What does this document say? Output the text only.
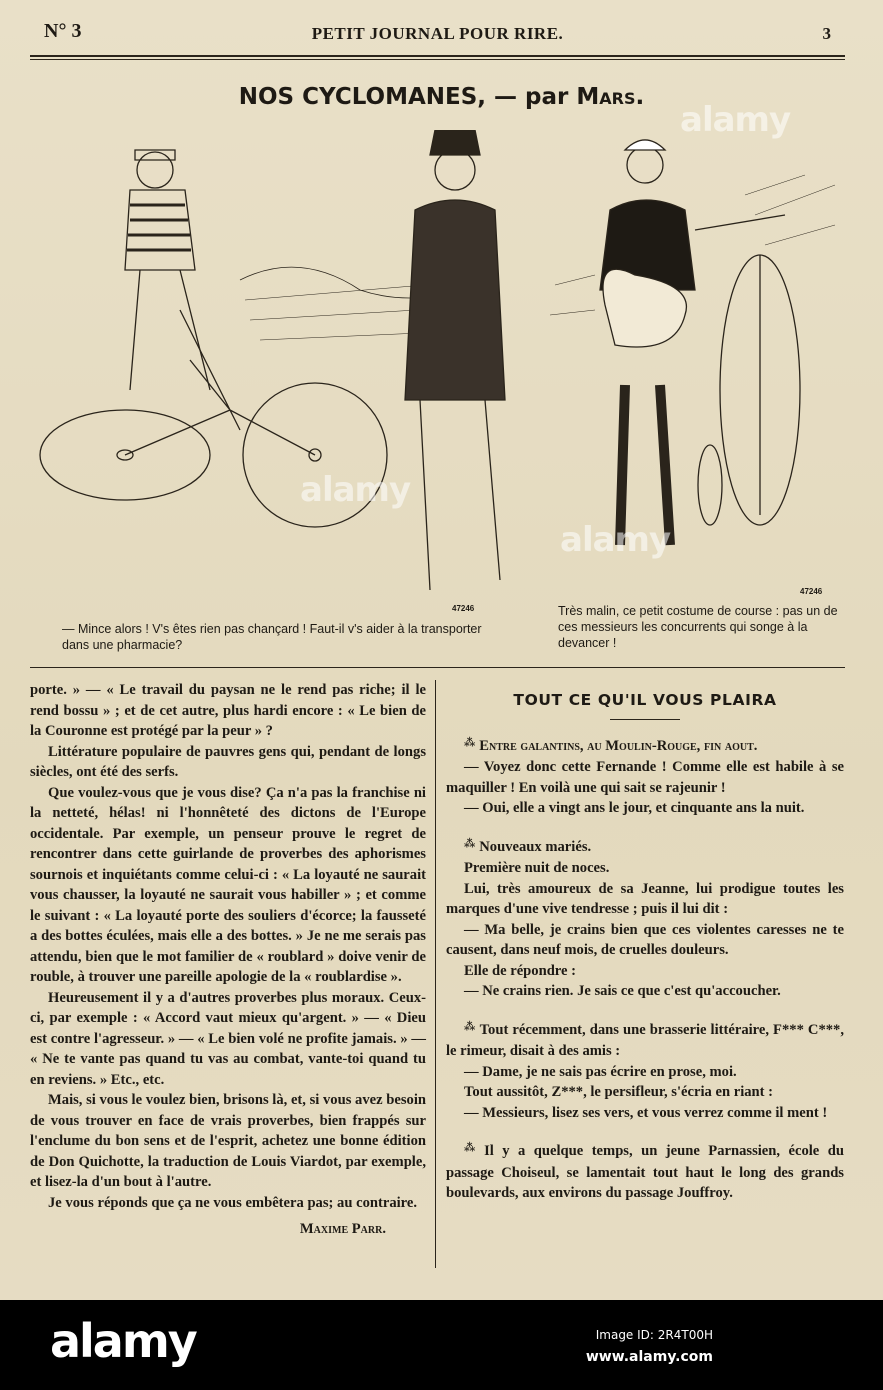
N° 3	PETIT JOURNAL POUR RIRE.	3
NOS CYCLOMANES, — par Mars.
alamy
alamy
alamy
47246
— Mince alors ! V's êtes rien pas chançard ! Faut-il v's aider à la transporter dans une pharmacie?
47246
Très malin, ce petit costume de course : pas un de ces messieurs les concurrents qui songe à la devancer !

porte. » — « Le travail du paysan ne le rend pas riche; il le rend bossu » ; et de cet autre, plus hardi encore : « Le bien de la Couronne est protégé par la peur » ?

Littérature populaire de pauvres gens qui, pendant de longs siècles, ont été des serfs.

Que voulez-vous que je vous dise? Ça n'a pas la franchise ni la netteté, hélas! ni l'honnêteté des dictons de l'Europe occidentale. Par exemple, un penseur prouve le regret de rencontrer dans cette guirlande de proverbes des aphorismes sournois et inquiétants comme celui-ci : « La loyauté ne saurait vous chausser, la loyauté ne saurait vous habiller » ; et comme le suivant : « La loyauté porte des souliers d'écorce; la fausseté a des bottes éculées, mais elle a des bottes. » Je ne me serais pas attendu, bien que le mot familier de « roublard » doive venir de rouble, à trouver une pareille apologie de la « roublardise ».

Heureusement il y a d'autres proverbes plus moraux. Ceux-ci, par exemple : « Accord vaut mieux qu'argent. » — « Dieu est contre l'agresseur. » — « Le bien volé ne profite jamais. » — « Ne te vante pas quand tu vas au combat, vante-toi quand tu en reviens. » Etc., etc.

Mais, si vous le voulez bien, brisons là, et, si vous avez besoin de vous trouver en face de vrais proverbes, bien frappés sur l'enclume du bon sens et de l'esprit, achetez une bonne édition de Don Quichotte, la traduction de Louis Viardot, par exemple, et lisez-la d'un bout à l'autre.

Je vous réponds que ça ne vous embêtera pas; au contraire.

Maxime Parr.

TOUT CE QU'IL VOUS PLAIRA

⁂ Entre galantins, au Moulin-Rouge, fin aout.

— Voyez donc cette Fernande ! Comme elle est habile à se maquiller ! En voilà une qui sait se rajeunir !

— Oui, elle a vingt ans le jour, et cinquante ans la nuit.

⁂ Nouveaux mariés.

Première nuit de noces.

Lui, très amoureux de sa Jeanne, lui prodigue toutes les marques d'une vive tendresse ; puis il lui dit :

— Ma belle, je crains bien que ces violentes caresses ne te causent, dans neuf mois, de cruelles douleurs.

Elle de répondre :

— Ne crains rien. Je sais ce que c'est qu'accoucher.

⁂ Tout récemment, dans une brasserie littéraire, F*** C***, le rimeur, disait à des amis :

— Dame, je ne sais pas écrire en prose, moi.

Tout aussitôt, Z***, le persifleur, s'écria en riant :

— Messieurs, lisez ses vers, et vous verrez comme il ment !

⁂ Il y a quelque temps, un jeune Parnassien, école du passage Choiseul, se lamentait tout haut le long des grands boulevards, aux environs du passage Jouffroy.

alamy	Image ID: 2R4T00H
www.alamy.com
